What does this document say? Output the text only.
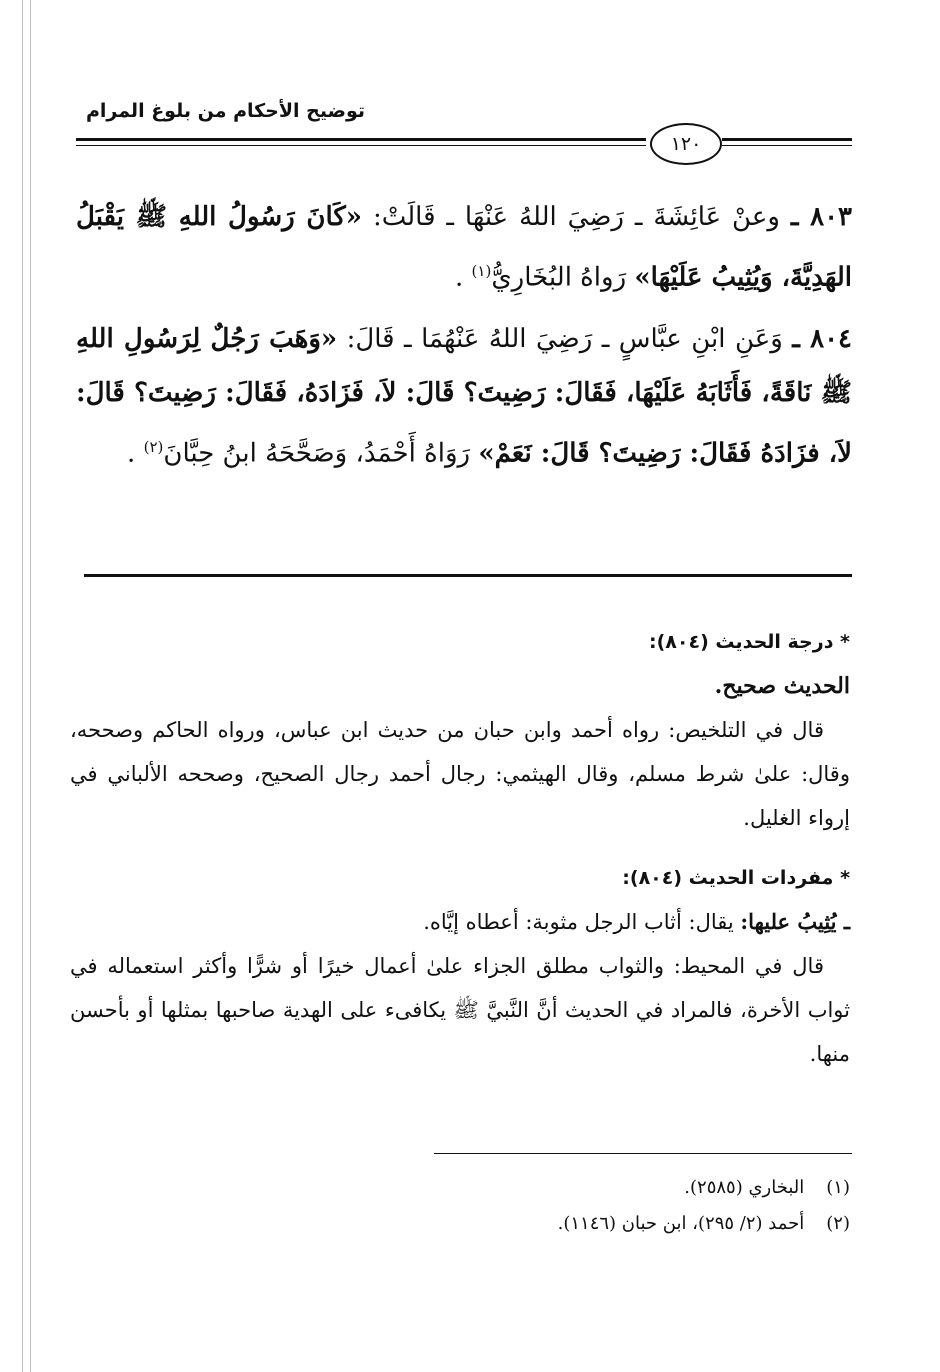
توضيح الأحكام من بلوغ المرام
١٢٠
٨٠٣ ـ وعنْ عَائِشَةَ ـ رَضِيَ اللهُ عَنْهَا ـ قَالَتْ: «كَانَ رَسُولُ اللهِ ﷺ يَقْبَلُ الهَدِيَّةَ، وَيُثِيبُ عَلَيْهَا» رَواهُ البُخَارِيُّ$^{(١)}$ .
٨٠٤ ـ وَعَنِ ابْنِ عبَّاسٍ ـ رَضِيَ اللهُ عَنْهُمَا ـ قَالَ: «وَهَبَ رَجُلٌ لِرَسُولِ اللهِ ﷺ نَاقَةً، فَأَثَابَهُ عَلَيْهَا، فَقَالَ: رَضِيتَ؟ قَالَ: لاَ، فَزَادَهُ، فَقَالَ: رَضِيتَ؟ قَالَ: لاَ، فزَادَهُ فَقَالَ: رَضِيتَ؟ قَالَ: نَعَمْ» رَوَاهُ أَحْمَدُ، وَصَحَّحَهُ ابنُ حِبَّانَ$^{(٢)}$ .
* درجة الحديث (٨٠٤):
الحديث صحيح.
قال في التلخيص: رواه أحمد وابن حبان من حديث ابن عباس، ورواه الحاكم وصححه، وقال: علىٰ شرط مسلم، وقال الهيثمي: رجال أحمد رجال الصحيح، وصححه الألباني في إرواء الغليل.
* مفردات الحديث (٨٠٤):
ـ يُثِيبُ عليها: يقال: أثاب الرجل مثوبة: أعطاه إيَّاه.
قال في المحيط: والثواب مطلق الجزاء علىٰ أعمال خيرًا أو شرًّا وأكثر استعماله في ثواب الأخرة، فالمراد في الحديث أنَّ النَّبيَّ ﷺ يكافىء على الهدية صاحبها بمثلها أو بأحسن منها.
(١) البخاري (٢٥٨٥).
(٢) أحمد (٢/ ٢٩٥)، ابن حبان (١١٤٦).
